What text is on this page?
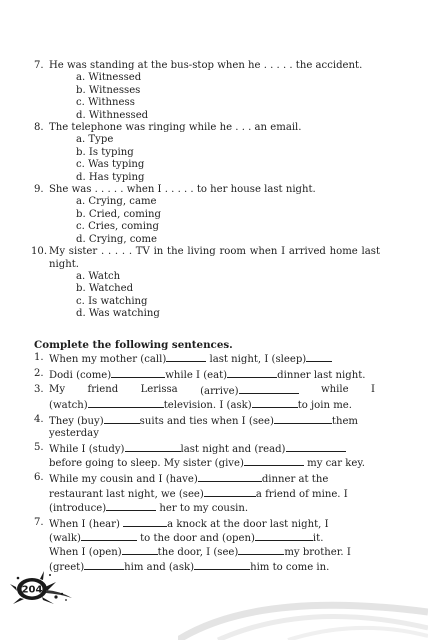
7. He was standing at the bus-stop when he . . . . . the accident.
a. Witnessed
b. Witnesses
c. Withness
d. Withnessed
8. The telephone was ringing while he . . . an email.
a. Type
b. Is typing
c. Was typing
d. Has typing
9. She was . . . . . when I . . . . . to her house last night.
a. Crying, came
b. Cried, coming
c. Cries, coming
d. Crying, come
10. My sister . . . . . TV in the living room when I arrived home last
night.
a. Watch
b. Watched
c. Is watching
d. Was watching
Complete the following sentences.
1. When my mother (call)	last night, I (sleep)
2. Dodi (come)	while I (eat)	dinner last night.
3. My friend Lerissa (arrive)	while I
(watch)	television. I (ask)	to join me.
4. They (buy)	suits and ties when I (see)	them
yesterday
5. While I (study)	last night and (read)
before going to sleep. My sister (give)	my car key.
6. While my cousin and I (have)	dinner at the
restaurant last night, we (see)	a friend of mine. I
(introduce)	her to my cousin.
7. When I (hear)	a knock at the door last night, I
(walk)	to the door and (open)	it.
When I (open)	the door, I (see)	my brother. I
(greet)	him and (ask)	him to come in.
204
